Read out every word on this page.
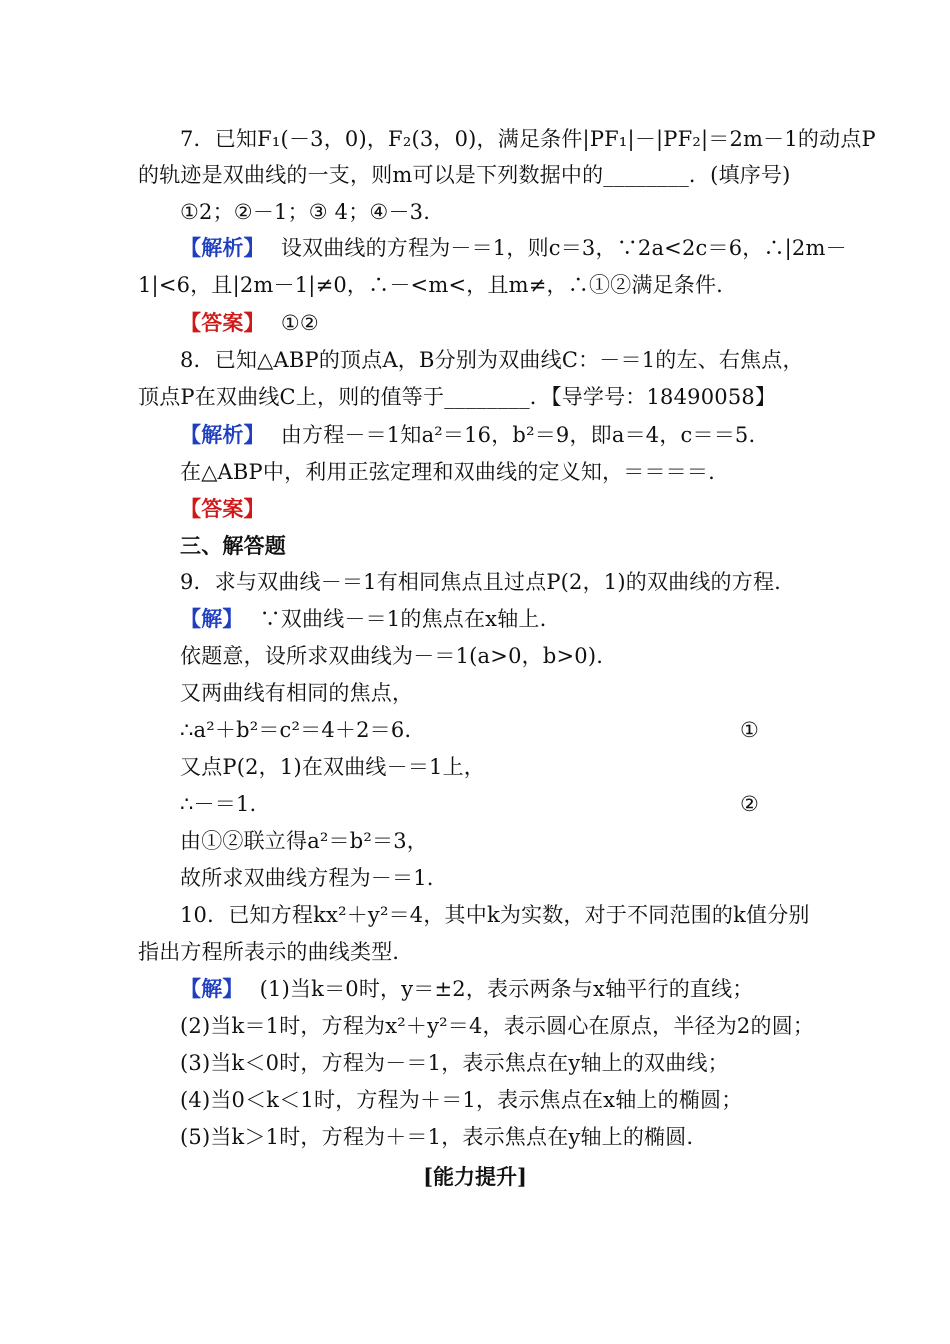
7．已知F₁(－3，0)，F₂(3，0)，满足条件|PF₁|－|PF₂|＝2m－1的动点P
的轨迹是双曲线的一支，则m可以是下列数据中的________．(填序号)
①2；②－1；③ 4；④－3.
【解析】 设双曲线的方程为－＝1，则c＝3，∵2a<2c＝6，∴|2m－
1|<6，且|2m－1|≠0，∴－<m<，且m≠，∴①②满足条件.
【答案】 ①②
8．已知△ABP的顶点A，B分别为双曲线C：－＝1的左、右焦点，
顶点P在双曲线C上，则的值等于________．【导学号：18490058】
【解析】 由方程－＝1知a²＝16，b²＝9，即a＝4，c＝＝5.
在△ABP中，利用正弦定理和双曲线的定义知，＝＝＝＝.
【答案】
三、解答题
9．求与双曲线－＝1有相同焦点且过点P(2，1)的双曲线的方程.
【解】 ∵双曲线－＝1的焦点在x轴上.
依题意，设所求双曲线为－＝1(a>0，b>0).
又两曲线有相同的焦点，
∴a²＋b²＝c²＝4＋2＝6.	①
又点P(2，1)在双曲线－＝1上，
∴－＝1.	②
由①②联立得a²＝b²＝3，
故所求双曲线方程为－＝1.
10．已知方程kx²＋y²＝4，其中k为实数，对于不同范围的k值分别
指出方程所表示的曲线类型．
【解】 (1)当k＝0时，y＝±2，表示两条与x轴平行的直线；
(2)当k＝1时，方程为x²＋y²＝4，表示圆心在原点，半径为2的圆；
(3)当k＜0时，方程为－＝1，表示焦点在y轴上的双曲线；
(4)当0＜k＜1时，方程为＋＝1，表示焦点在x轴上的椭圆；
(5)当k＞1时，方程为＋＝1，表示焦点在y轴上的椭圆．
[能力提升]
